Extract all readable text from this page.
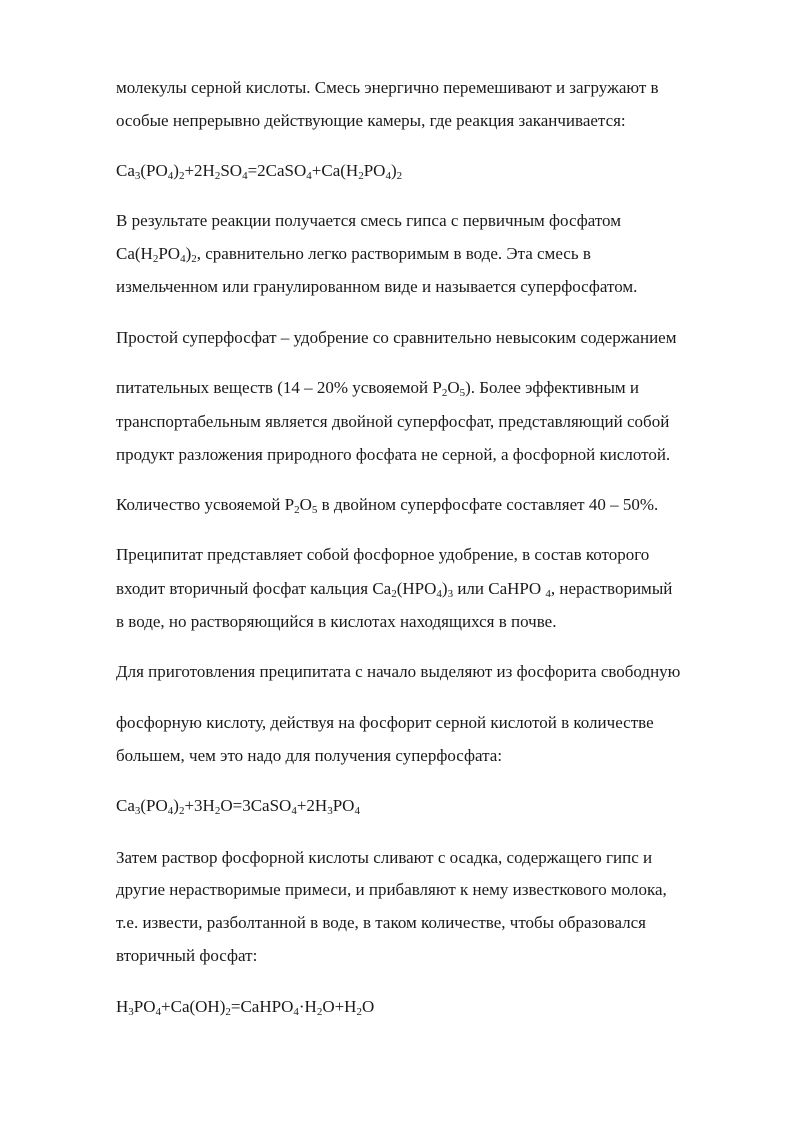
молекулы серной кислоты. Смесь энергично перемешивают и загружают в

особые непрерывно действующие камеры, где реакция заканчивается:

$Ca_3(PO_4)_2+2H_2SO_4=2CaSO_4+Ca(H_2PO_4)_2$

В результате реакции получается смесь гипса с первичным фосфатом

$Ca(H_2PO_4)_2$, сравнительно легко растворимым в воде. Эта смесь в

измельченном или гранулированном виде и называется суперфосфатом.

Простой суперфосфат – удобрение со сравнительно невысоким содержанием

питательных веществ (14 – 20% усвояемой $P_2O_5$). Более эффективным и

транспортабельным является двойной суперфосфат, представляющий собой

продукт разложения природного фосфата не серной, а фосфорной кислотой.

Количество усвояемой $P_2O_5$ в двойном суперфосфате составляет 40 – 50%.

Преципитат представляет собой фосфорное удобрение, в состав которого

входит вторичный фосфат кальция $Ca_2(HPO_4)_3$ или CaHPO $_4$, нерастворимый

в воде, но растворяющийся в кислотах находящихся в почве.

Для приготовления преципитата с начало выделяют из фосфорита свободную

фосфорную кислоту, действуя на фосфорит серной кислотой в количестве

большем, чем это надо для получения суперфосфата:

$Ca_3(PO_4)_2+3H_2O=3CaSO_4+2H_3PO_4$

Затем раствор фосфорной кислоты сливают с осадка, содержащего гипс и

другие нерастворимые примеси, и прибавляют к нему известкового молока,

т.е. извести, разболтанной в воде, в таком количестве, чтобы образовался

вторичный фосфат:

$H_3PO_4+Ca(OH)_2=CaHPO_4\cdot H_2O+H_2O$
